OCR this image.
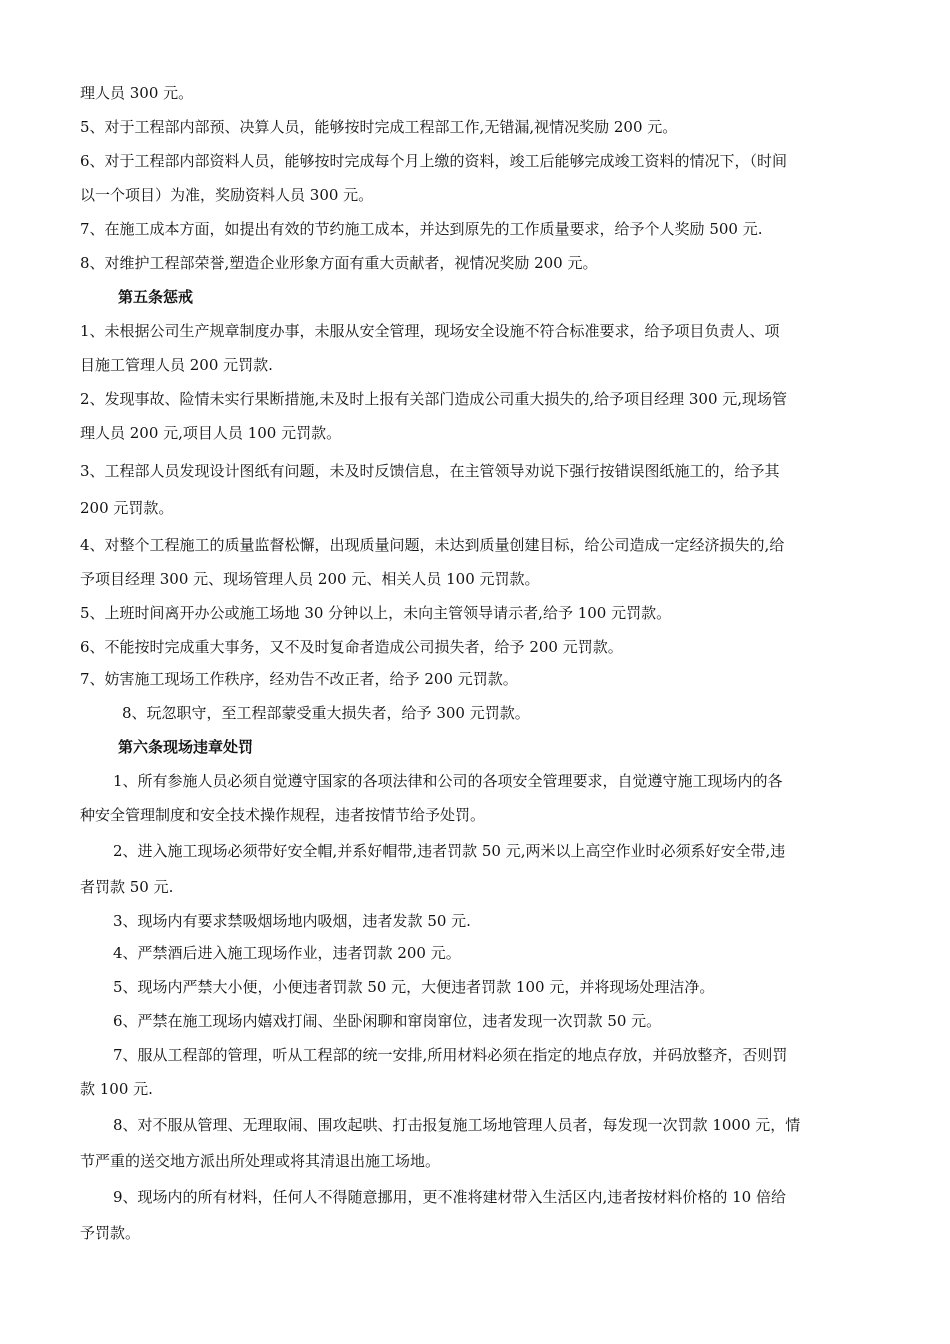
理人员 300 元。
5、对于工程部内部预、决算人员，能够按时完成工程部工作,无错漏,视情况奖励 200 元。
6、对于工程部内部资料人员，能够按时完成每个月上缴的资料，竣工后能够完成竣工资料的情况下，（时间
以一个项目）为准，奖励资料人员 300 元。
7、在施工成本方面，如提出有效的节约施工成本，并达到原先的工作质量要求，给予个人奖励 500 元.
8、对维护工程部荣誉,塑造企业形象方面有重大贡献者，视情况奖励 200 元。
第五条惩戒
1、未根据公司生产规章制度办事，未服从安全管理，现场安全设施不符合标准要求，给予项目负责人、项
目施工管理人员 200 元罚款.
2、发现事故、险情未实行果断措施,未及时上报有关部门造成公司重大损失的,给予项目经理 300 元,现场管
理人员 200 元,项目人员 100 元罚款。
3、工程部人员发现设计图纸有问题，未及时反馈信息，在主管领导劝说下强行按错误图纸施工的，给予其
200 元罚款。
4、对整个工程施工的质量监督松懈，出现质量问题，未达到质量创建目标，给公司造成一定经济损失的,给
予项目经理 300 元、现场管理人员 200 元、相关人员 100 元罚款。
5、上班时间离开办公或施工场地 30 分钟以上，未向主管领导请示者,给予 100 元罚款。
6、不能按时完成重大事务，又不及时复命者造成公司损失者，给予 200 元罚款。
7、妨害施工现场工作秩序，经劝告不改正者，给予 200 元罚款。
8、玩忽职守，至工程部蒙受重大损失者，给予 300 元罚款。
第六条现场违章处罚
1、所有参施人员必须自觉遵守国家的各项法律和公司的各项安全管理要求，自觉遵守施工现场内的各
种安全管理制度和安全技术操作规程，违者按情节给予处罚。
2、进入施工现场必须带好安全帽,并系好帽带,违者罚款 50 元,两米以上高空作业时必须系好安全带,违
者罚款 50 元.
3、现场内有要求禁吸烟场地内吸烟，违者发款 50 元.
4、严禁酒后进入施工现场作业，违者罚款 200 元。
5、现场内严禁大小便，小便违者罚款 50 元，大便违者罚款 100 元，并将现场处理洁净。
6、严禁在施工现场内嬉戏打闹、坐卧闲聊和窜岗窜位，违者发现一次罚款 50 元。
7、服从工程部的管理，听从工程部的统一安排,所用材料必须在指定的地点存放，并码放整齐，否则罚
款 100 元.
8、对不服从管理、无理取闹、围攻起哄、打击报复施工场地管理人员者，每发现一次罚款 1000 元，情
节严重的送交地方派出所处理或将其清退出施工场地。
9、现场内的所有材料，任何人不得随意挪用，更不准将建材带入生活区内,违者按材料价格的 10 倍给
予罚款。
